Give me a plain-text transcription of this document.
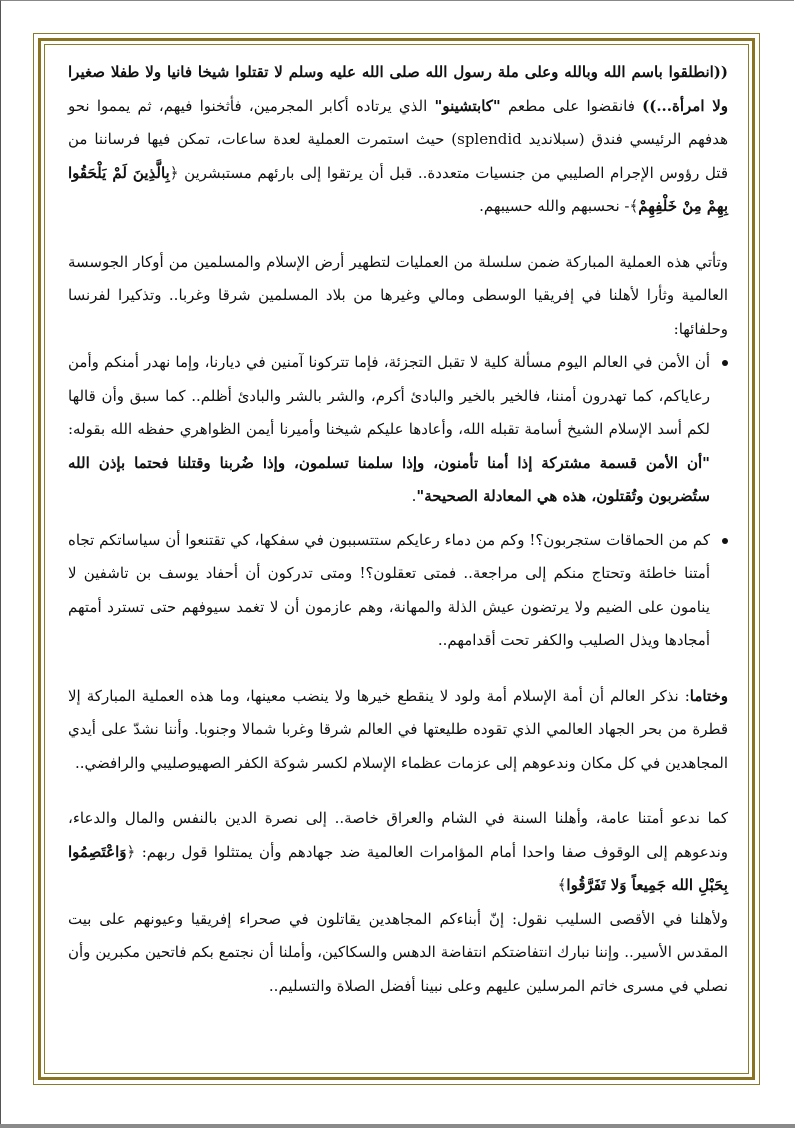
((انطلقوا باسم الله وبالله وعلى ملة رسول الله صلى الله عليه وسلم لا تقتلوا شيخا فانيا ولا طفلا صغيرا ولا امرأة...)) فانقضوا على مطعم "كابتشينو" الذي يرتاده أكابر المجرمين، فأثخنوا فيهم، ثم يمموا نحو هدفهم الرئيسي فندق (سبلانديد splendid) حيث استمرت العملية لعدة ساعات، تمكن فيها فرساننا من قتل رؤوس الإجرام الصليبي من جنسيات متعددة.. قبل أن يرتقوا إلى بارئهم مستبشرين ﴿بِالَّذِينَ لَمْ يَلْحَقُوا بِهِمْ مِنْ خَلْفِهِمْ﴾- نحسبهم والله حسيبهم.

وتأتي هذه العملية المباركة ضمن سلسلة من العمليات لتطهير أرض الإسلام والمسلمين من أوكار الجوسسة العالمية وثأرا لأهلنا في إفريقيا الوسطى ومالي وغيرها من بلاد المسلمين شرقا وغربا.. وتذكيرا لفرنسا وحلفائها:

أن الأمن في العالم اليوم مسألة كلية لا تقبل التجزئة، فإما تتركونا آمنين في ديارنا، وإما نهدر أمنكم وأمن رعاياكم، كما تهدرون أمننا، فالخير بالخير والبادئ أكرم، والشر بالشر والبادئ أظلم.. كما سبق وأن قالها لكم أسد الإسلام الشيخ أسامة تقبله الله، وأعادها عليكم شيخنا وأميرنا أيمن الظواهري حفظه الله بقوله: "أن الأمن قسمة مشتركة إذا أمنا تأمنون، وإذا سلمنا تسلمون، وإذا ضُربنا وقتلنا فحتما بإذن الله ستُضربون وتُقتلون، هذه هي المعادلة الصحيحة".
كم من الحماقات ستجربون؟! وكم من دماء رعايكم ستتسببون في سفكها، كي تقتنعوا أن سياساتكم تجاه أمتنا خاطئة وتحتاج منكم إلى مراجعة.. فمتى تعقلون؟! ومتى تدركون أن أحفاد يوسف بن تاشفين لا ينامون على الضيم ولا يرتضون عيش الذلة والمهانة، وهم عازمون أن لا تغمد سيوفهم حتى تسترد أمتهم أمجادها ويذل الصليب والكفر تحت أقدامهم..

وختاما: نذكر العالم أن أمة الإسلام أمة ولود لا ينقطع خيرها ولا ينضب معينها، وما هذه العملية المباركة إلا قطرة من بحر الجهاد العالمي الذي تقوده طليعتها في العالم شرقا وغربا شمالا وجنوبا. وأننا نشدّ على أيدي المجاهدين في كل مكان وندعوهم إلى عزمات عظماء الإسلام لكسر شوكة الكفر الصهيوصليبي والرافضي..

كما ندعو أمتنا عامة، وأهلنا السنة في الشام والعراق خاصة.. إلى نصرة الدين بالنفس والمال والدعاء، وندعوهم إلى الوقوف صفا واحدا أمام المؤامرات العالمية ضد جهادهم وأن يمتثلوا قول ربهم: ﴿وَاعْتَصِمُوا بِحَبْلِ الله جَمِيعاً وَلا تَفَرَّقُوا﴾

ولأهلنا في الأقصى السليب نقول: إنّ أبناءكم المجاهدين يقاتلون في صحراء إفريقيا وعيونهم على بيت المقدس الأسير.. وإننا نبارك انتفاضتكم انتفاضة الدهس والسكاكين، وأملنا أن نجتمع بكم فاتحين مكبرين وأن نصلي في مسرى خاتم المرسلين عليهم وعلى نبينا أفضل الصلاة والتسليم..
